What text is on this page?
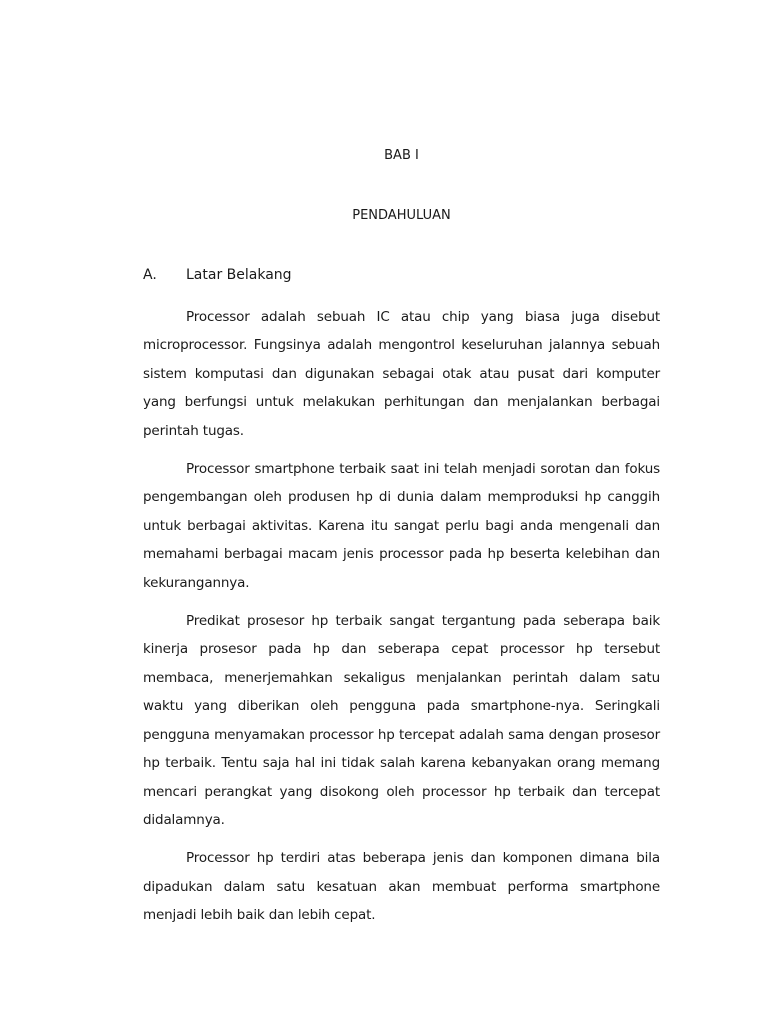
BAB I
PENDAHULUAN
A. Latar Belakang

Processor adalah sebuah IC atau chip yang biasa juga disebut microprocessor. Fungsinya adalah mengontrol keseluruhan jalannya sebuah sistem komputasi dan digunakan sebagai otak atau pusat dari komputer yang berfungsi untuk melakukan perhitungan dan menjalankan berbagai perintah tugas.

Processor smartphone terbaik saat ini telah menjadi sorotan dan fokus pengembangan oleh produsen hp di dunia dalam memproduksi hp canggih untuk berbagai aktivitas. Karena itu sangat perlu bagi anda mengenali dan memahami berbagai macam jenis processor pada hp beserta kelebihan dan kekurangannya.

Predikat prosesor hp terbaik sangat tergantung pada seberapa baik kinerja prosesor pada hp dan seberapa cepat processor hp tersebut membaca, menerjemahkan sekaligus menjalankan perintah dalam satu waktu yang diberikan oleh pengguna pada smartphone-nya. Seringkali pengguna menyamakan processor hp tercepat adalah sama dengan prosesor hp terbaik. Tentu saja hal ini tidak salah karena kebanyakan orang memang mencari perangkat yang disokong oleh processor hp terbaik dan tercepat didalamnya.

Processor hp terdiri atas beberapa jenis dan komponen dimana bila dipadukan dalam satu kesatuan akan membuat performa smartphone menjadi lebih baik dan lebih cepat.
